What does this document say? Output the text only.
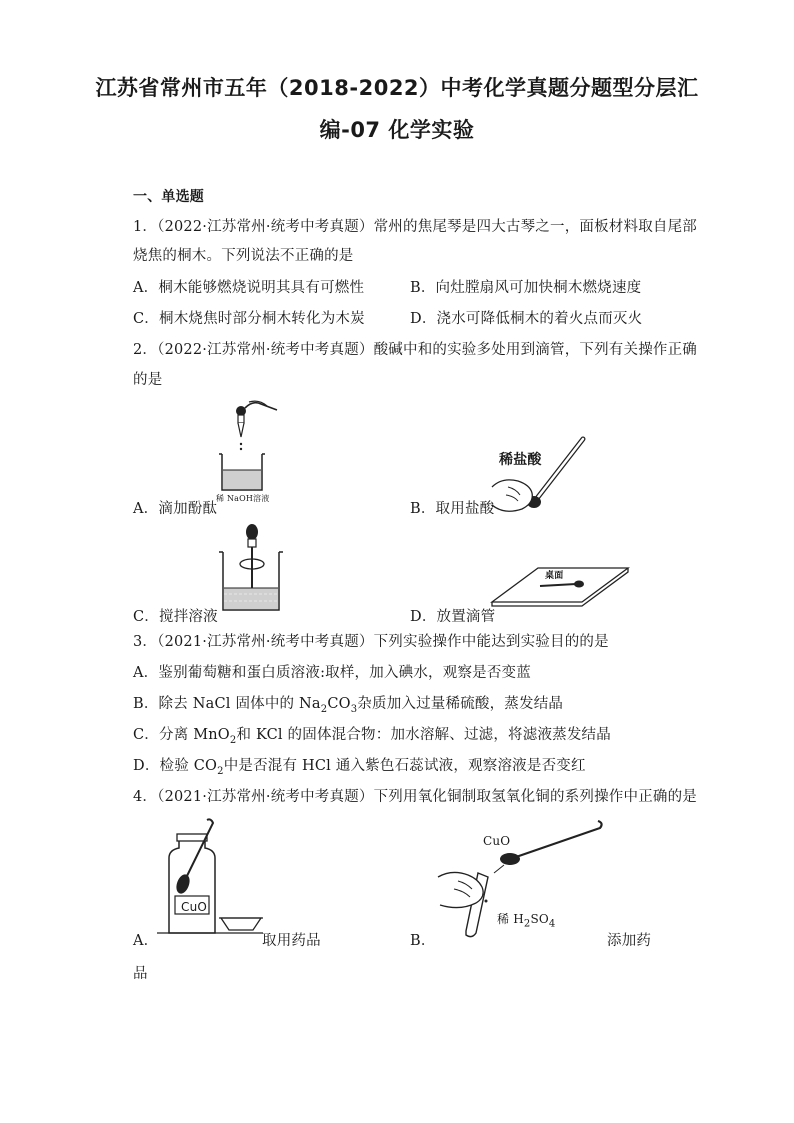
江苏省常州市五年（2018-2022）中考化学真题分题型分层汇
编-07 化学实验
一、单选题
1．（2022·江苏常州·统考中考真题）常州的焦尾琴是四大古琴之一，面板材料取自尾部
烧焦的桐木。下列说法不正确的是
A．桐木能够燃烧说明其具有可燃性	B．向灶膛扇风可加快桐木燃烧速度
C．桐木烧焦时部分桐木转化为木炭	D．浇水可降低桐木的着火点而灭火
2．（2022·江苏常州·统考中考真题）酸碱中和的实验多处用到滴管，下列有关操作正确
的是
稀 NaOH溶液
A．滴加酚酞
稀盐酸
B．取用盐酸
C．搅拌溶液
桌面
D．放置滴管
3．（2021·江苏常州·统考中考真题）下列实验操作中能达到实验目的的是
A．鉴别葡萄糖和蛋白质溶液:取样，加入碘水，观察是否变蓝
B．除去 NaCl 固体中的 $Na_2CO_3$杂质加入过量稀硫酸，蒸发结晶
C．分离 MnO$_2$和 KCl 的固体混合物：加水溶解、过滤，将滤液蒸发结晶
D．检验 $CO_2$中是否混有 HCl 通入紫色石蕊试液，观察溶液是否变红
4．（2021·江苏常州·统考中考真题）下列用氧化铜制取氢氧化铜的系列操作中正确的是
CuO
A．	取用药品
CuO
稀 $H_2SO_4$
B．	添加药
品
